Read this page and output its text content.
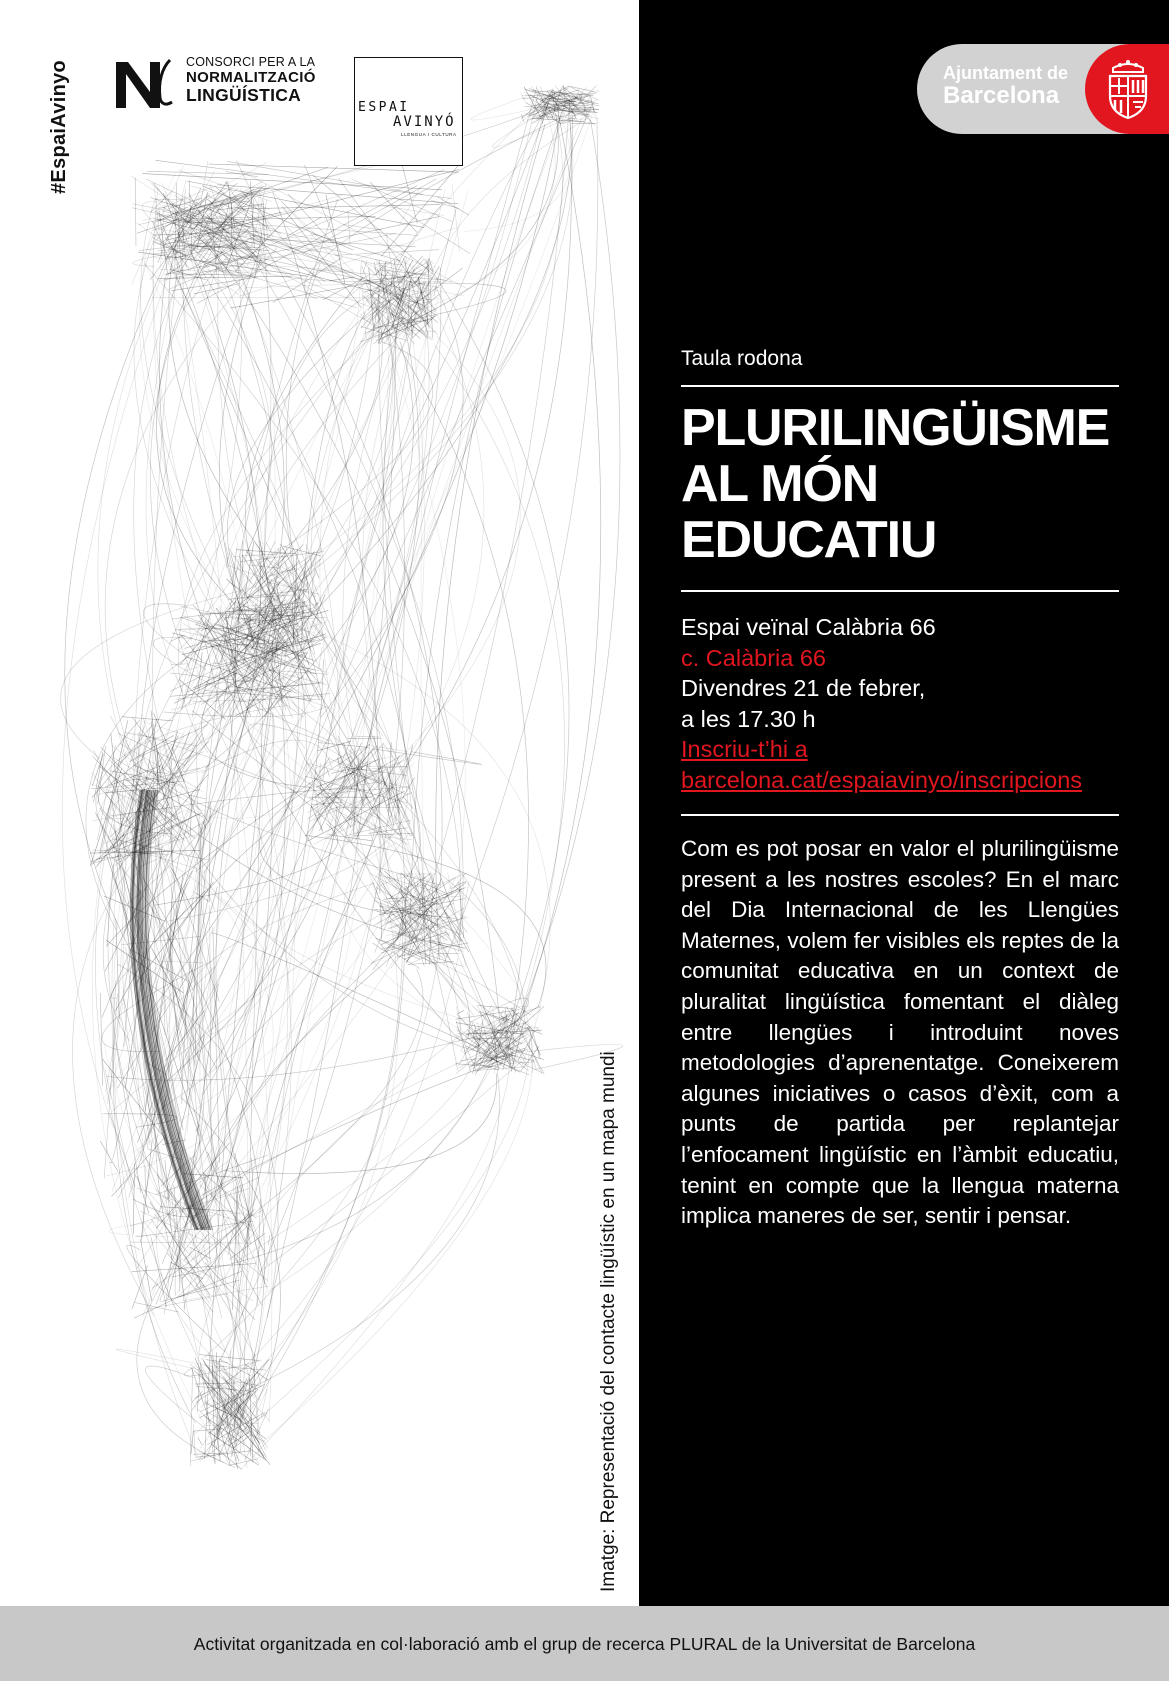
#EspaiAvinyo	CONSORCI PER A LA
NORMALITZACIÓ
LINGÜÍSTICA
ESPAI
AVINYÓ
LLENGUA I CULTURA
Imatge: Representació del contacte lingüístic en un mapa mundi
Ajuntament de
Barcelona
Taula rodona
PLURILINGÜISME
AL MÓN
EDUCATIU
Espai veïnal Calàbria 66
c. Calàbria 66
Divendres 21 de febrer,
a les 17.30 h
Inscriu-t’hi a
barcelona.cat/espaiavinyo/inscripcions
Com es pot posar en valor el plurilingüisme present a les nostres escoles? En el marc del Dia Internacional de les Llengües Maternes, volem fer visibles els reptes de la comunitat educativa en un context de pluralitat lingüística fomentant el diàleg entre llengües i introduint noves metodologies d’aprenentatge. Coneixerem algunes iniciatives o casos d’èxit, com a punts de partida per replantejar l’enfocament lingüístic en l’àmbit educatiu, tenint en compte que la llengua materna implica maneres de ser, sentir i pensar.
Activitat organitzada en col·laboració amb el grup de recerca PLURAL de la Universitat de Barcelona
